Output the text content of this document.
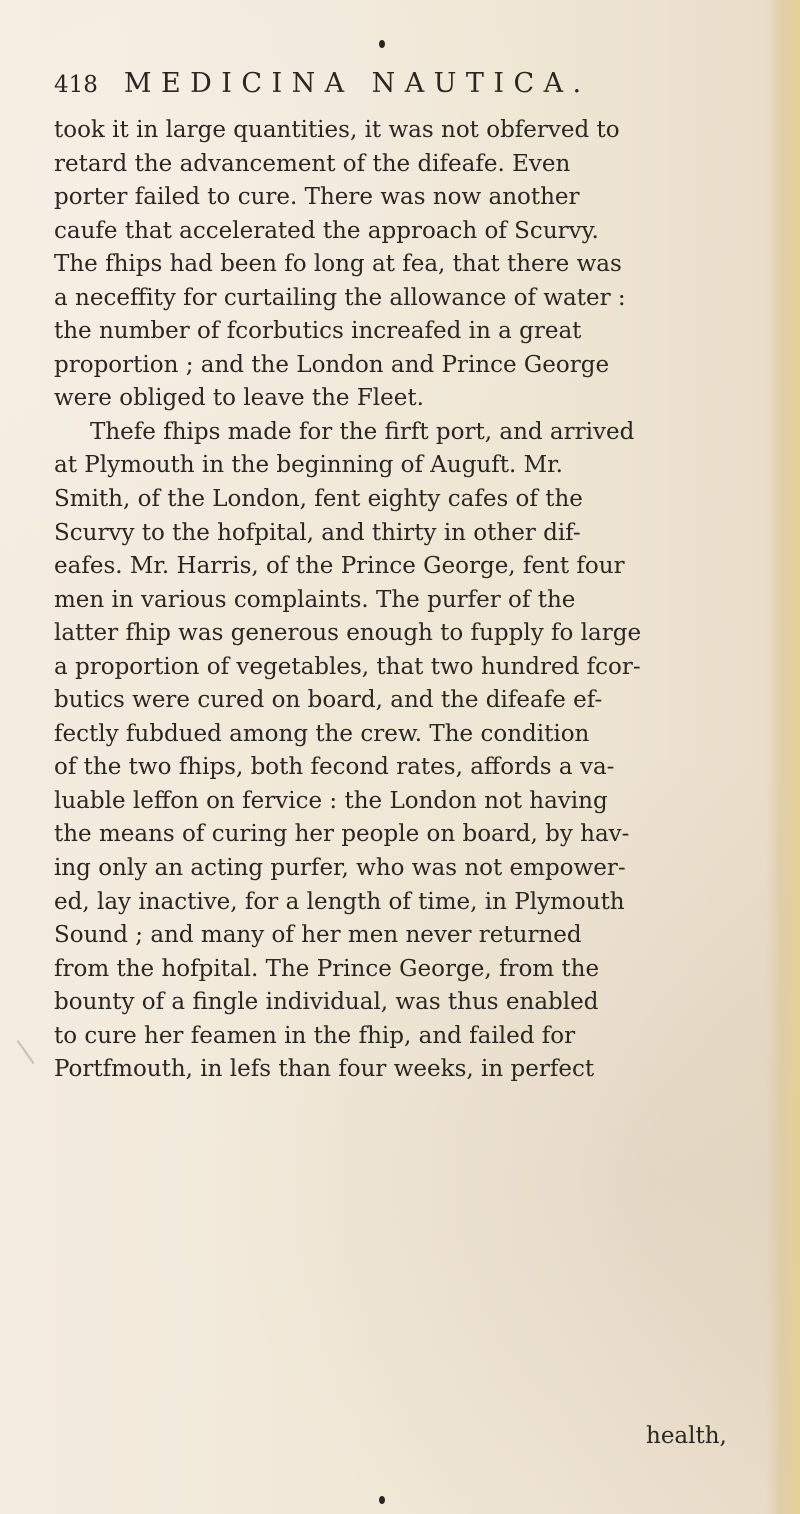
418 MEDICINA NAUTICA.
took it in large quantities, it was not obferved to
retard the advancement of the difeafe. Even
porter failed to cure. There was now another
caufe that accelerated the approach of Scurvy.
The fhips had been fo long at fea, that there was
a neceffity for curtailing the allowance of water :
the number of fcorbutics increafed in a great
proportion ; and the London and Prince George
were obliged to leave the Fleet.
Thefe fhips made for the firft port, and arrived
at Plymouth in the beginning of Auguft. Mr.
Smith, of the London, fent eighty cafes of the
Scurvy to the hofpital, and thirty in other dif-
eafes. Mr. Harris, of the Prince George, fent four
men in various complaints. The purfer of the
latter fhip was generous enough to fupply fo large
a proportion of vegetables, that two hundred fcor-
butics were cured on board, and the difeafe ef-
fectly fubdued among the crew. The condition
of the two fhips, both fecond rates, affords a va-
luable leffon on fervice : the London not having
the means of curing her people on board, by hav-
ing only an acting purfer, who was not empower-
ed, lay inactive, for a length of time, in Plymouth
Sound ; and many of her men never returned
from the hofpital. The Prince George, from the
bounty of a fingle individual, was thus enabled
to cure her feamen in the fhip, and failed for
Portfmouth, in lefs than four weeks, in perfect
health,
